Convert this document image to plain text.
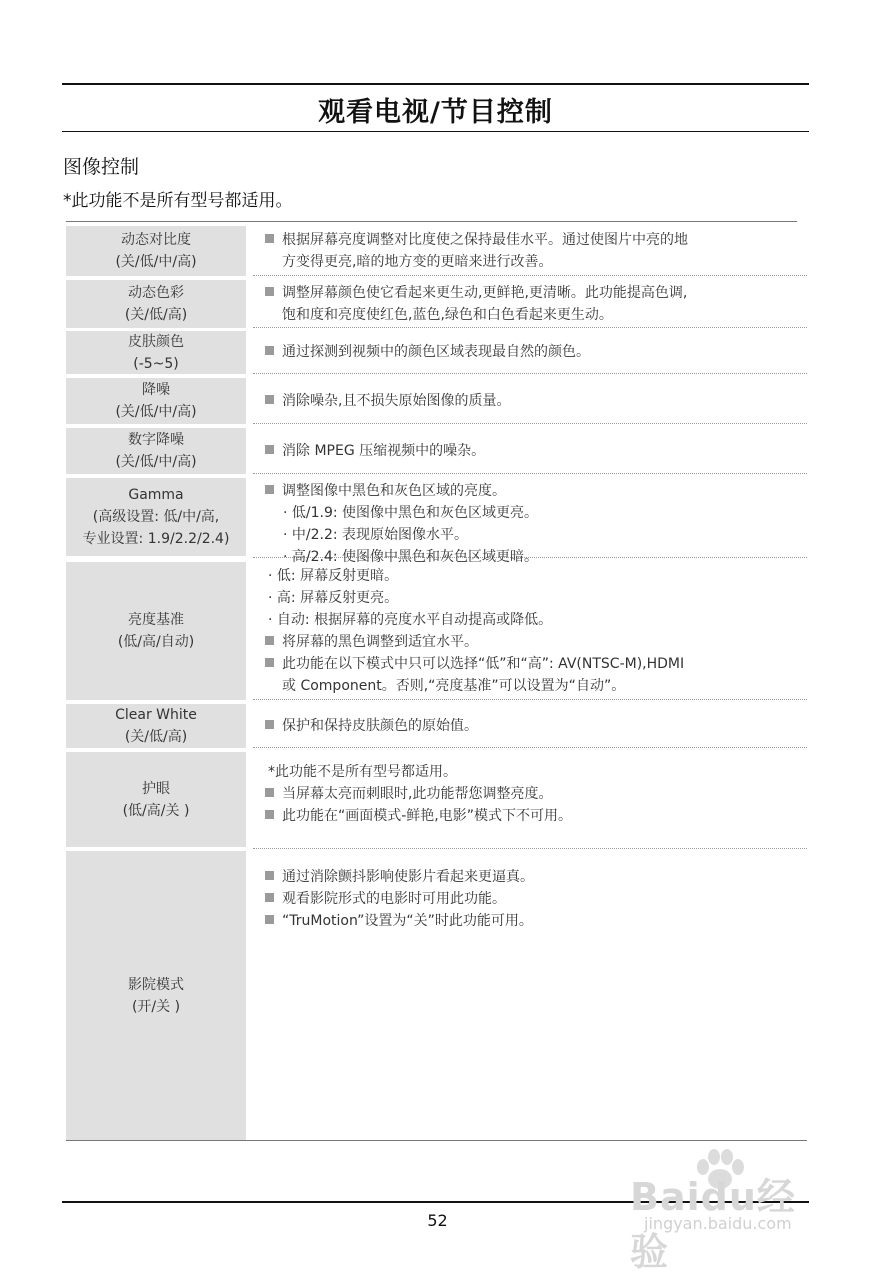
观看电视/节目控制
图像控制
*此功能不是所有型号都适用。
动态对比度
(关/低/中/高)
根据屏幕亮度调整对比度使之保持最佳水平。通过使图片中亮的地
方变得更亮,暗的地方变的更暗来进行改善。
动态色彩
(关/低/高)
调整屏幕颜色使它看起来更生动,更鲜艳,更清晰。此功能提高色调,
饱和度和亮度使红色,蓝色,绿色和白色看起来更生动。
皮肤颜色
(-5~5)
通过探测到视频中的颜色区域表现最自然的颜色。
降噪
(关/低/中/高)
消除噪杂,且不损失原始图像的质量。
数字降噪
(关/低/中/高)
消除 MPEG 压缩视频中的噪杂。
Gamma
(高级设置: 低/中/高,
专业设置: 1.9/2.2/2.4)
调整图像中黑色和灰色区域的亮度。
· 低/1.9: 使图像中黑色和灰色区域更亮。
· 中/2.2: 表现原始图像水平。
· 高/2.4: 使图像中黑色和灰色区域更暗。
亮度基准
(低/高/自动)
· 低: 屏幕反射更暗。
· 高: 屏幕反射更亮。
· 自动: 根据屏幕的亮度水平自动提高或降低。
将屏幕的黑色调整到适宜水平。
此功能在以下模式中只可以选择“低”和“高”: AV(NTSC-M),HDMI
或 Component。否则,“亮度基准”可以设置为“自动”。
Clear White
(关/低/高)
保护和保持皮肤颜色的原始值。
护眼
(低/高/关 )
*此功能不是所有型号都适用。
当屏幕太亮而刺眼时,此功能帮您调整亮度。
此功能在“画面模式-鲜艳,电影”模式下不可用。
影院模式
(开/关 )
通过消除颤抖影响使影片看起来更逼真。
观看影院形式的电影时可用此功能。
“TruMotion”设置为“关”时此功能可用。
52
Baidu经验
jingyan.baidu.com
